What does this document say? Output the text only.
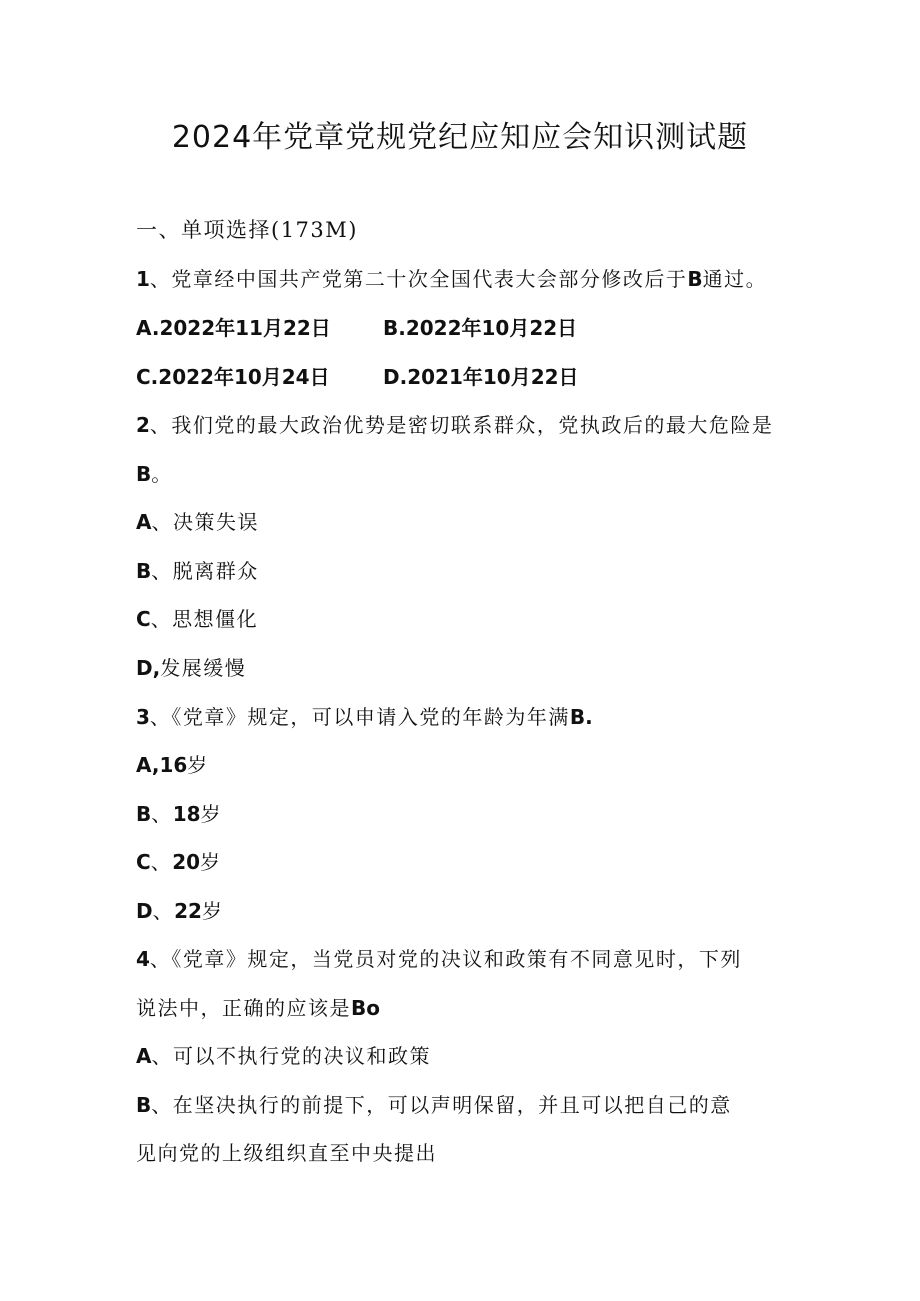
2024年党章党规党纪应知应会知识测试题
一、单项选择(173M)
1、党章经中国共产党第二十次全国代表大会部分修改后于B通过。
A.2022年11月22日	B.2022年10月22日
C.2022年10月24日	D.2021年10月22日
2、我们党的最大政治优势是密切联系群众，党执政后的最大危险是
B。
A、决策失误
B、脱离群众
C、思想僵化
D,发展缓慢
3、《党章》规定，可以申请入党的年龄为年满B.
A,16岁
B、18岁
C、20岁
D、22岁
4、《党章》规定，当党员对党的决议和政策有不同意见时，下列
说法中，正确的应该是Bo
A、可以不执行党的决议和政策
B、在坚决执行的前提下，可以声明保留，并且可以把自己的意
见向党的上级组织直至中央提出
